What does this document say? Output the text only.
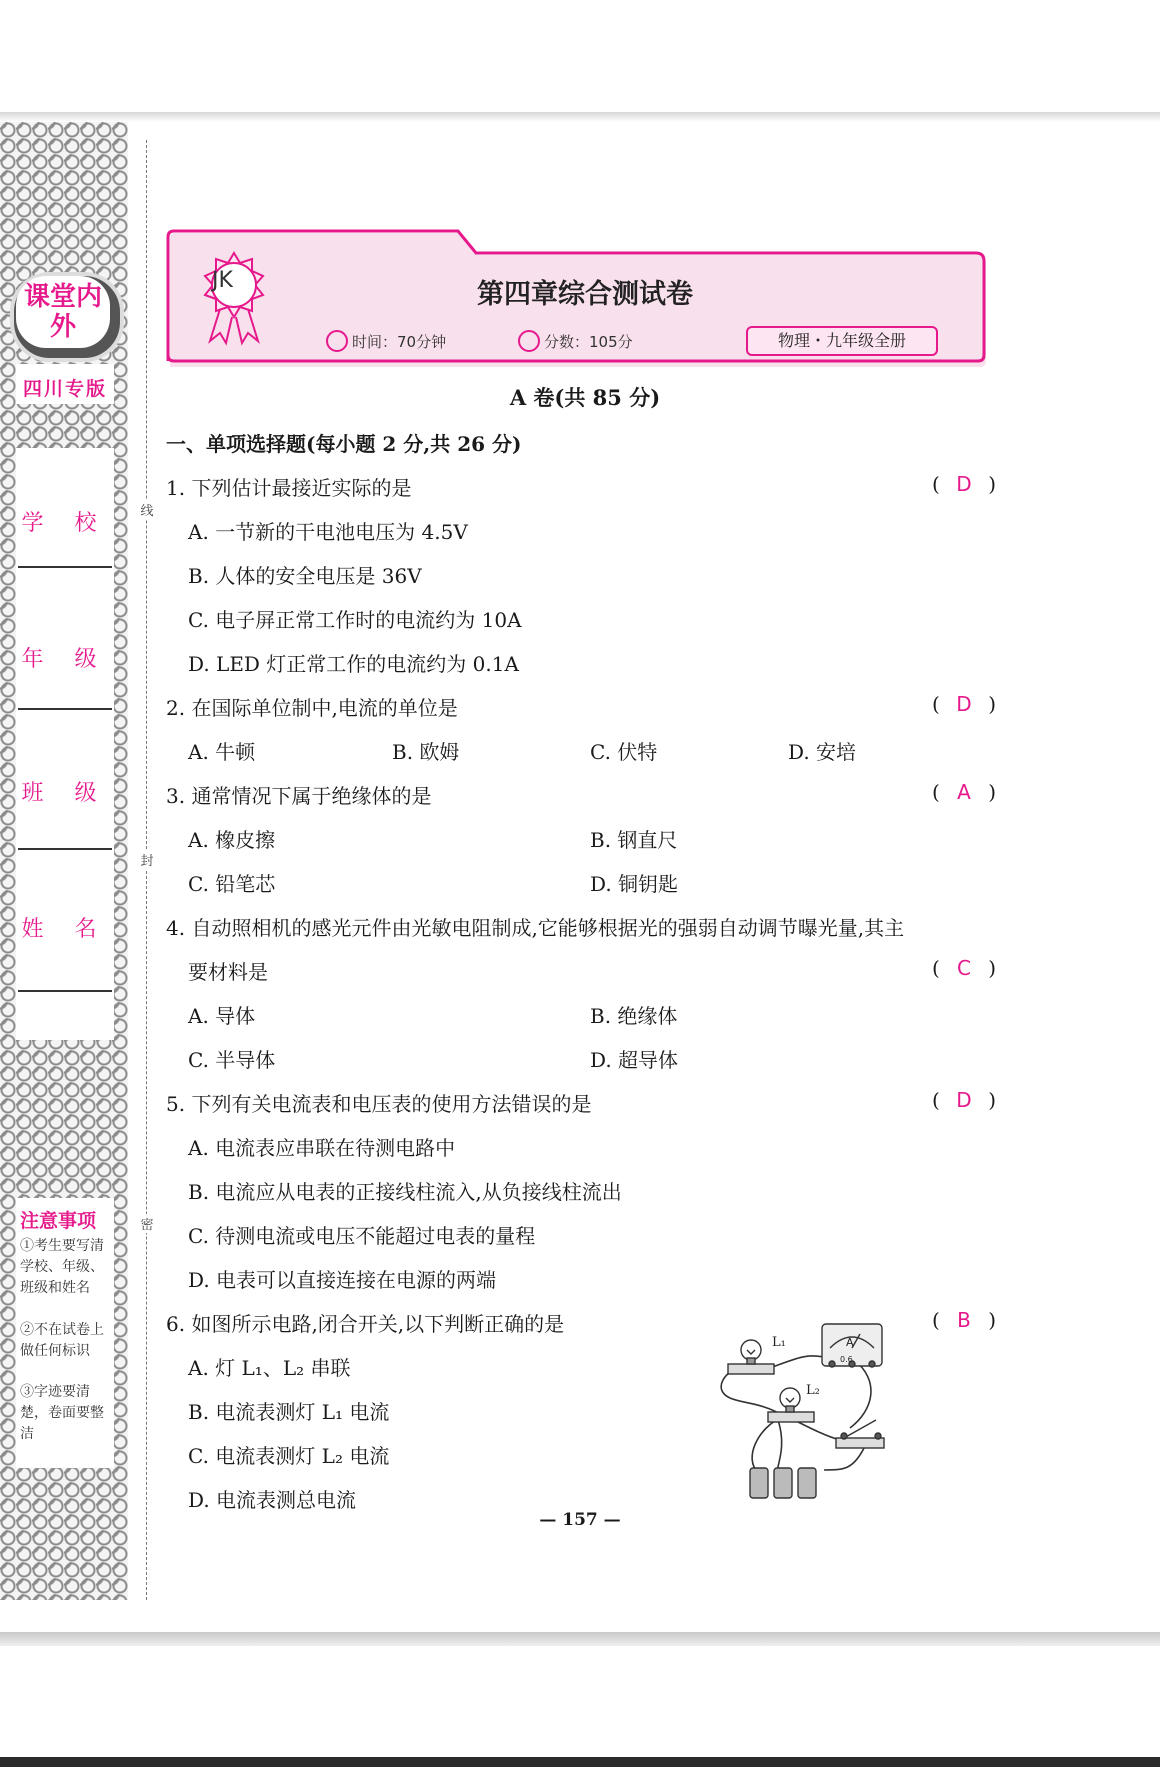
课堂内外
四川专版
学 校
年 级
班 级
姓 名
注意事项
①考生要写清学校、年级、班级和姓名
②不在试卷上做任何标识
③字迹要清楚，卷面要整洁
线
封
密
JK	第四章综合测试卷
时间：70分钟	分数：105分	物理・九年级全册
A 卷(共 85 分)
一、单项选择题(每小题 2 分,共 26 分)
1. 下列估计最接近实际的是	( D )
A. 一节新的干电池电压为 4.5V
B. 人体的安全电压是 36V
C. 电子屏正常工作时的电流约为 10A
D. LED 灯正常工作的电流约为 0.1A
2. 在国际单位制中,电流的单位是	( D )
A. 牛顿	B. 欧姆	C. 伏特	D. 安培
3. 通常情况下属于绝缘体的是	( A )
A. 橡皮擦	B. 钢直尺
C. 铅笔芯	D. 铜钥匙
4. 自动照相机的感光元件由光敏电阻制成,它能够根据光的强弱自动调节曝光量,其主
要材料是	( C )
A. 导体	B. 绝缘体
C. 半导体	D. 超导体
5. 下列有关电流表和电压表的使用方法错误的是	( D )
A. 电流表应串联在待测电路中
B. 电流应从电表的正接线柱流入,从负接线柱流出
C. 待测电流或电压不能超过电表的量程
D. 电表可以直接连接在电源的两端
6. 如图所示电路,闭合开关,以下判断正确的是	( B )
A. 灯 L₁、L₂ 串联
B. 电流表测灯 L₁ 电流
C. 电流表测灯 L₂ 电流
D. 电流表测总电流
L₁
L₂
A
0.6
— 157 —
